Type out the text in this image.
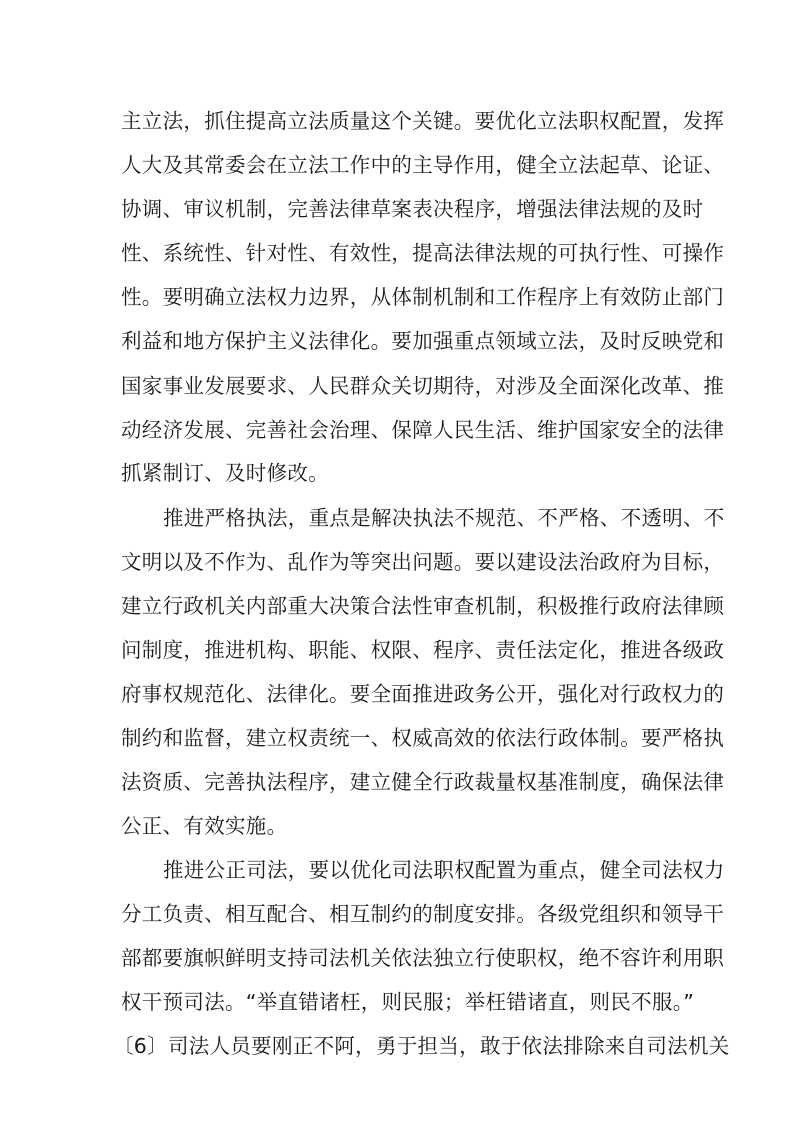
主立法，抓住提高立法质量这个关键。要优化立法职权配置，发挥
人大及其常委会在立法工作中的主导作用，健全立法起草、论证、
协调、审议机制，完善法律草案表决程序，增强法律法规的及时
性、系统性、针对性、有效性，提高法律法规的可执行性、可操作
性。要明确立法权力边界，从体制机制和工作程序上有效防止部门
利益和地方保护主义法律化。要加强重点领域立法，及时反映党和
国家事业发展要求、人民群众关切期待，对涉及全面深化改革、推
动经济发展、完善社会治理、保障人民生活、维护国家安全的法律
抓紧制订、及时修改。
推进严格执法，重点是解决执法不规范、不严格、不透明、不
文明以及不作为、乱作为等突出问题。要以建设法治政府为目标，
建立行政机关内部重大决策合法性审查机制，积极推行政府法律顾
问制度，推进机构、职能、权限、程序、责任法定化，推进各级政
府事权规范化、法律化。要全面推进政务公开，强化对行政权力的
制约和监督，建立权责统一、权威高效的依法行政体制。要严格执
法资质、完善执法程序，建立健全行政裁量权基准制度，确保法律
公正、有效实施。
推进公正司法，要以优化司法职权配置为重点，健全司法权力
分工负责、相互配合、相互制约的制度安排。各级党组织和领导干
部都要旗帜鲜明支持司法机关依法独立行使职权，绝不容许利用职
权干预司法。“举直错诸枉，则民服；举枉错诸直，则民不服。”
〔6〕司法人员要刚正不阿，勇于担当，敢于依法排除来自司法机关
